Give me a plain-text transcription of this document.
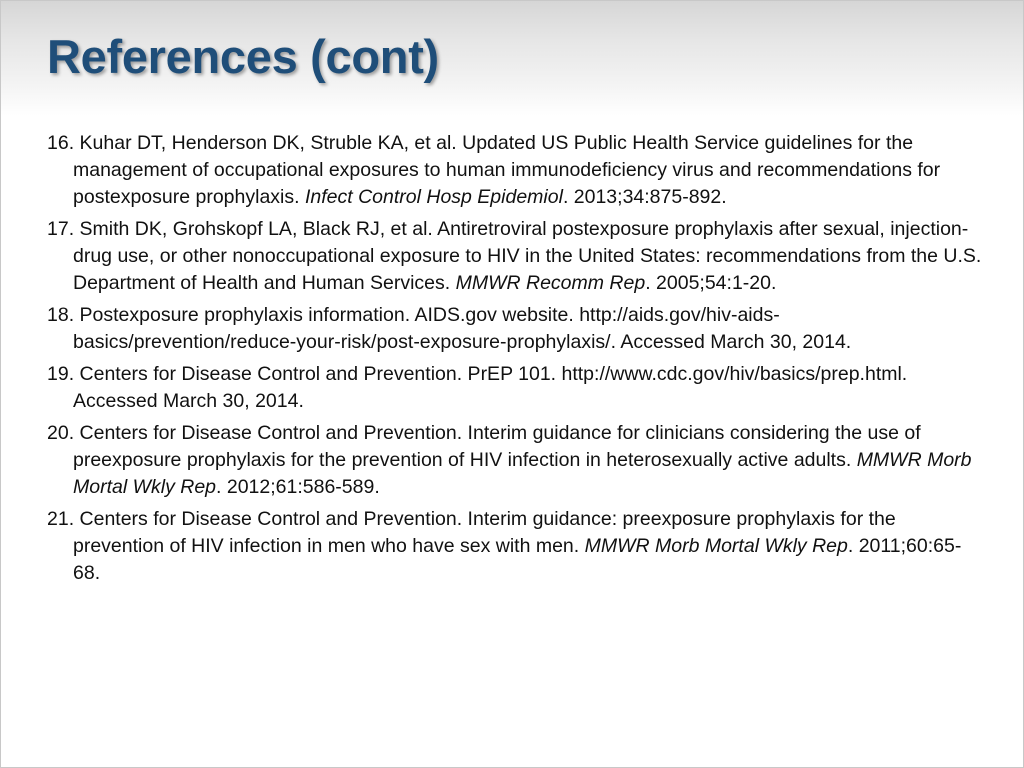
References (cont)
16. Kuhar DT, Henderson DK, Struble KA, et al. Updated US Public Health Service guidelines for the management of occupational exposures to human immunodeficiency virus and recommendations for postexposure prophylaxis. Infect Control Hosp Epidemiol. 2013;34:875-892.
17. Smith DK, Grohskopf LA, Black RJ, et al. Antiretroviral postexposure prophylaxis after sexual, injection-drug use, or other nonoccupational exposure to HIV in the United States: recommendations from the U.S. Department of Health and Human Services. MMWR Recomm Rep. 2005;54:1-20.
18. Postexposure prophylaxis information. AIDS.gov website. http://aids.gov/hiv-aids-basics/prevention/reduce-your-risk/post-exposure-prophylaxis/. Accessed March 30, 2014.
19. Centers for Disease Control and Prevention. PrEP 101. http://www.cdc.gov/hiv/basics/prep.html. Accessed March 30, 2014.
20. Centers for Disease Control and Prevention. Interim guidance for clinicians considering the use of preexposure prophylaxis for the prevention of HIV infection in heterosexually active adults. MMWR Morb Mortal Wkly Rep. 2012;61:586-589.
21. Centers for Disease Control and Prevention. Interim guidance: preexposure prophylaxis for the prevention of HIV infection in men who have sex with men. MMWR Morb Mortal Wkly Rep. 2011;60:65-68.
